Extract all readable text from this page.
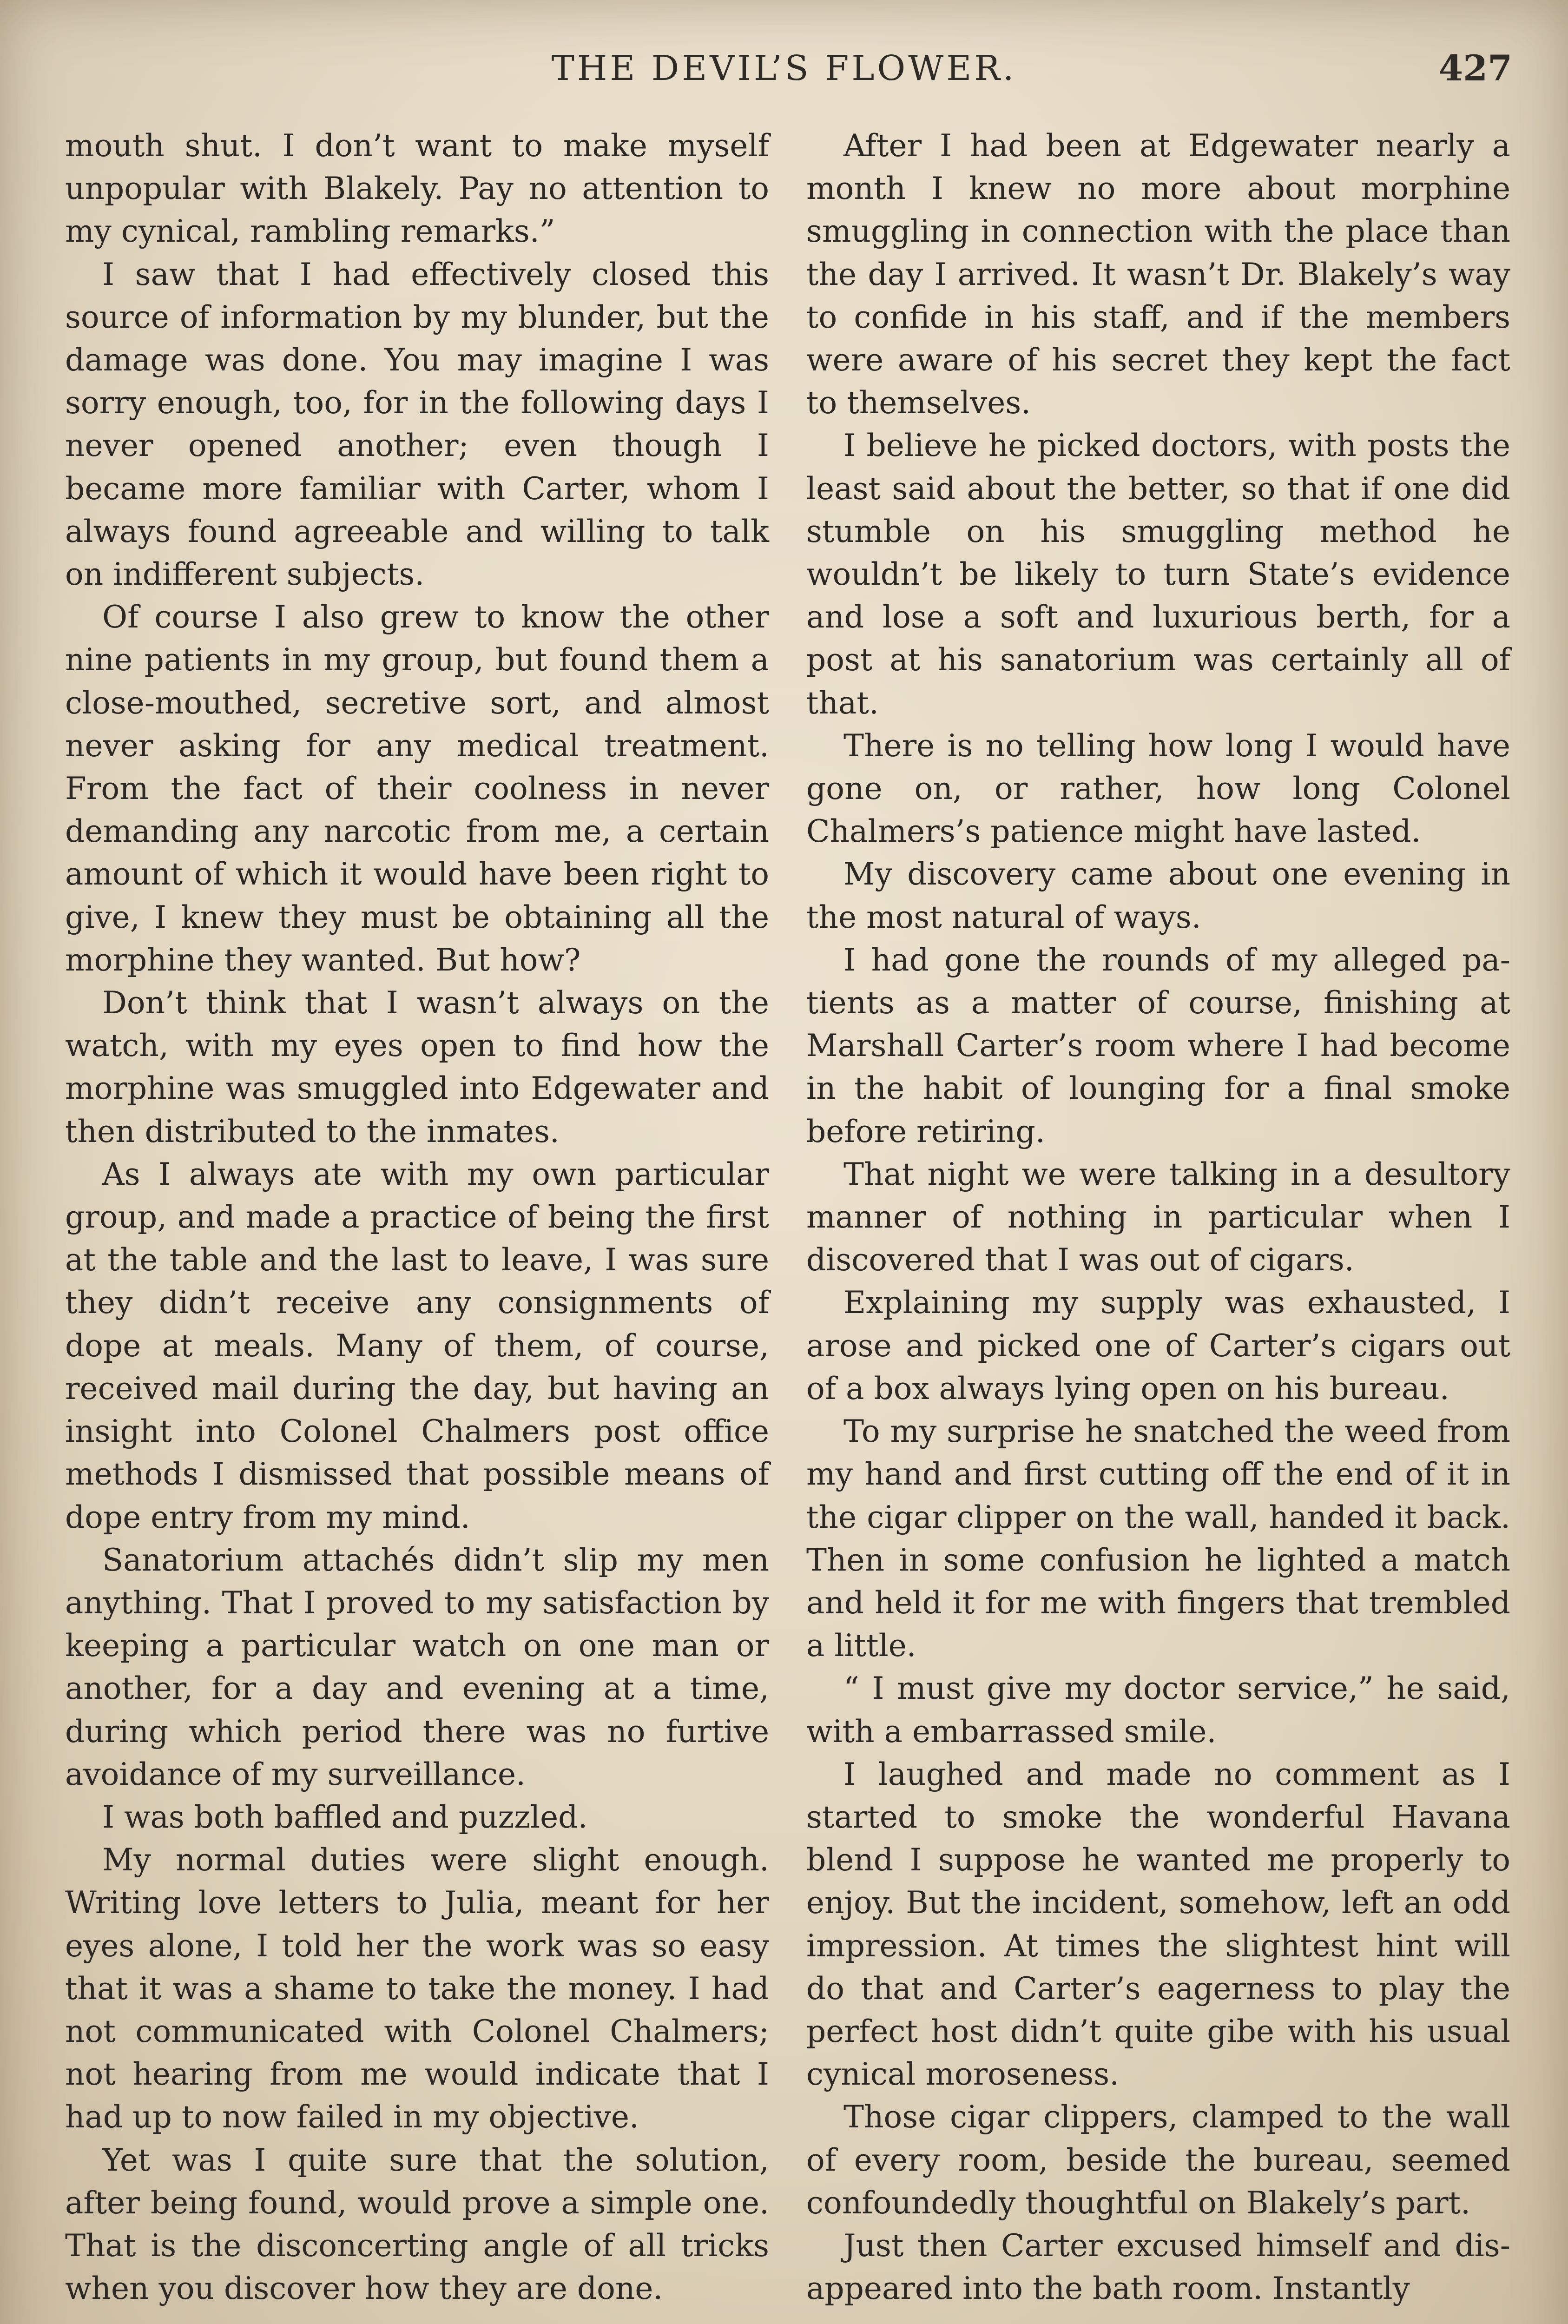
THE DEVIL’S FLOWER.	427

mouth shut. I don’t want to make myself unpopular with Blakely. Pay no attention to my cynical, rambling remarks.”

I saw that I had effectively closed this source of information by my blunder, but the damage was done. You may imagine I was sorry enough, too, for in the following days I never opened another; even though I became more familiar with Carter, whom I always found agreeable and willing to talk on indifferent subjects.

Of course I also grew to know the other nine patients in my group, but found them a close-mouthed, secretive sort, and almost never asking for any medical treatment. From the fact of their coolness in never demanding any narcotic from me, a certain amount of which it would have been right to give, I knew they must be obtaining all the morphine they wanted. But how?

Don’t think that I wasn’t always on the watch, with my eyes open to find how the morphine was smuggled into Edgewater and then distributed to the inmates.

As I always ate with my own particular group, and made a practice of being the first at the table and the last to leave, I was sure they didn’t receive any consignments of dope at meals. Many of them, of course, received mail during the day, but having an insight into Colonel Chalmers post office methods I dismissed that possible means of dope entry from my mind.

Sanatorium attachés didn’t slip my men anything. That I proved to my satisfaction by keeping a particular watch on one man or another, for a day and evening at a time, during which period there was no furtive avoidance of my surveillance.

I was both baffled and puzzled.

My normal duties were slight enough. Writing love letters to Julia, meant for her eyes alone, I told her the work was so easy that it was a shame to take the money. I had not communicated with Colonel Chalmers; not hearing from me would indicate that I had up to now failed in my objective.

Yet was I quite sure that the solution, after being found, would prove a simple one. That is the disconcerting angle of all tricks when you discover how they are done.

After I had been at Edgewater nearly a month I knew no more about morphine smuggling in connection with the place than the day I arrived. It wasn’t Dr. Blakely’s way to confide in his staff, and if the members were aware of his secret they kept the fact to themselves.

I believe he picked doctors, with posts the least said about the better, so that if one did stumble on his smuggling method he wouldn’t be likely to turn State’s evidence and lose a soft and luxurious berth, for a post at his sanatorium was certainly all of that.

There is no telling how long I would have gone on, or rather, how long Colonel Chalmers’s patience might have lasted.

My discovery came about one evening in the most natural of ways.

I had gone the rounds of my alleged patients as a matter of course, finishing at Marshall Carter’s room where I had become in the habit of lounging for a final smoke before retiring.

That night we were talking in a desultory manner of nothing in particular when I discovered that I was out of cigars.

Explaining my supply was exhausted, I arose and picked one of Carter’s cigars out of a box always lying open on his bureau.

To my surprise he snatched the weed from my hand and first cutting off the end of it in the cigar clipper on the wall, handed it back. Then in some confusion he lighted a match and held it for me with fingers that trembled a little.

“ I must give my doctor service,” he said, with a embarrassed smile.

I laughed and made no comment as I started to smoke the wonderful Havana blend I suppose he wanted me properly to enjoy. But the incident, somehow, left an odd impression. At times the slightest hint will do that and Carter’s eagerness to play the perfect host didn’t quite gibe with his usual cynical moroseness.

Those cigar clippers, clamped to the wall of every room, beside the bureau, seemed confoundedly thoughtful on Blakely’s part.

Just then Carter excused himself and disappeared into the bath room. Instantly
